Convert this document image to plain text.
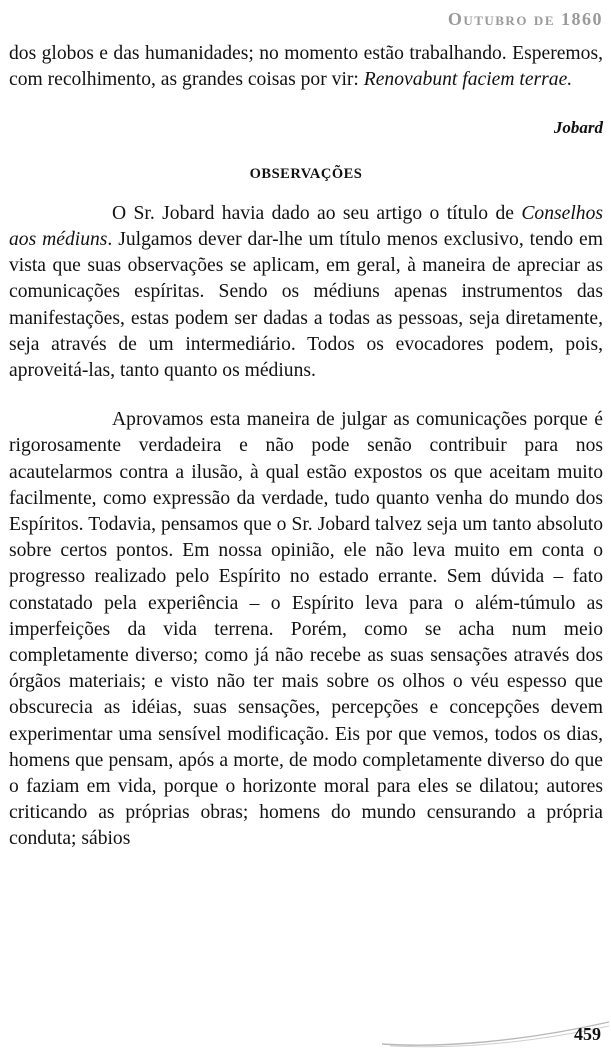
Outubro de 1860

dos globos e das humanidades; no momento estão trabalhando. Esperemos, com recolhimento, as grandes coisas por vir: Renovabunt faciem terrae.

Jobard

OBSERVAÇÕES

O Sr. Jobard havia dado ao seu artigo o título de Conselhos aos médiuns. Julgamos dever dar-lhe um título menos exclusivo, tendo em vista que suas observações se aplicam, em geral, à maneira de apreciar as comunicações espíritas. Sendo os médiuns apenas instrumentos das manifestações, estas podem ser dadas a todas as pessoas, seja diretamente, seja através de um intermediário. Todos os evocadores podem, pois, aproveitá-las, tanto quanto os médiuns.

Aprovamos esta maneira de julgar as comunicações porque é rigorosamente verdadeira e não pode senão contribuir para nos acautelarmos contra a ilusão, à qual estão expostos os que aceitam muito facilmente, como expressão da verdade, tudo quanto venha do mundo dos Espíritos. Todavia, pensamos que o Sr. Jobard talvez seja um tanto absoluto sobre certos pontos. Em nossa opinião, ele não leva muito em conta o progresso realizado pelo Espírito no estado errante. Sem dúvida – fato constatado pela experiência – o Espírito leva para o além-túmulo as imperfeições da vida terrena. Porém, como se acha num meio completamente diverso; como já não recebe as suas sensações através dos órgãos materiais; e visto não ter mais sobre os olhos o véu espesso que obscurecia as idéias, suas sensações, percepções e concepções devem experimentar uma sensível modificação. Eis por que vemos, todos os dias, homens que pensam, após a morte, de modo completamente diverso do que o faziam em vida, porque o horizonte moral para eles se dilatou; autores criticando as próprias obras; homens do mundo censurando a própria conduta; sábios

459
